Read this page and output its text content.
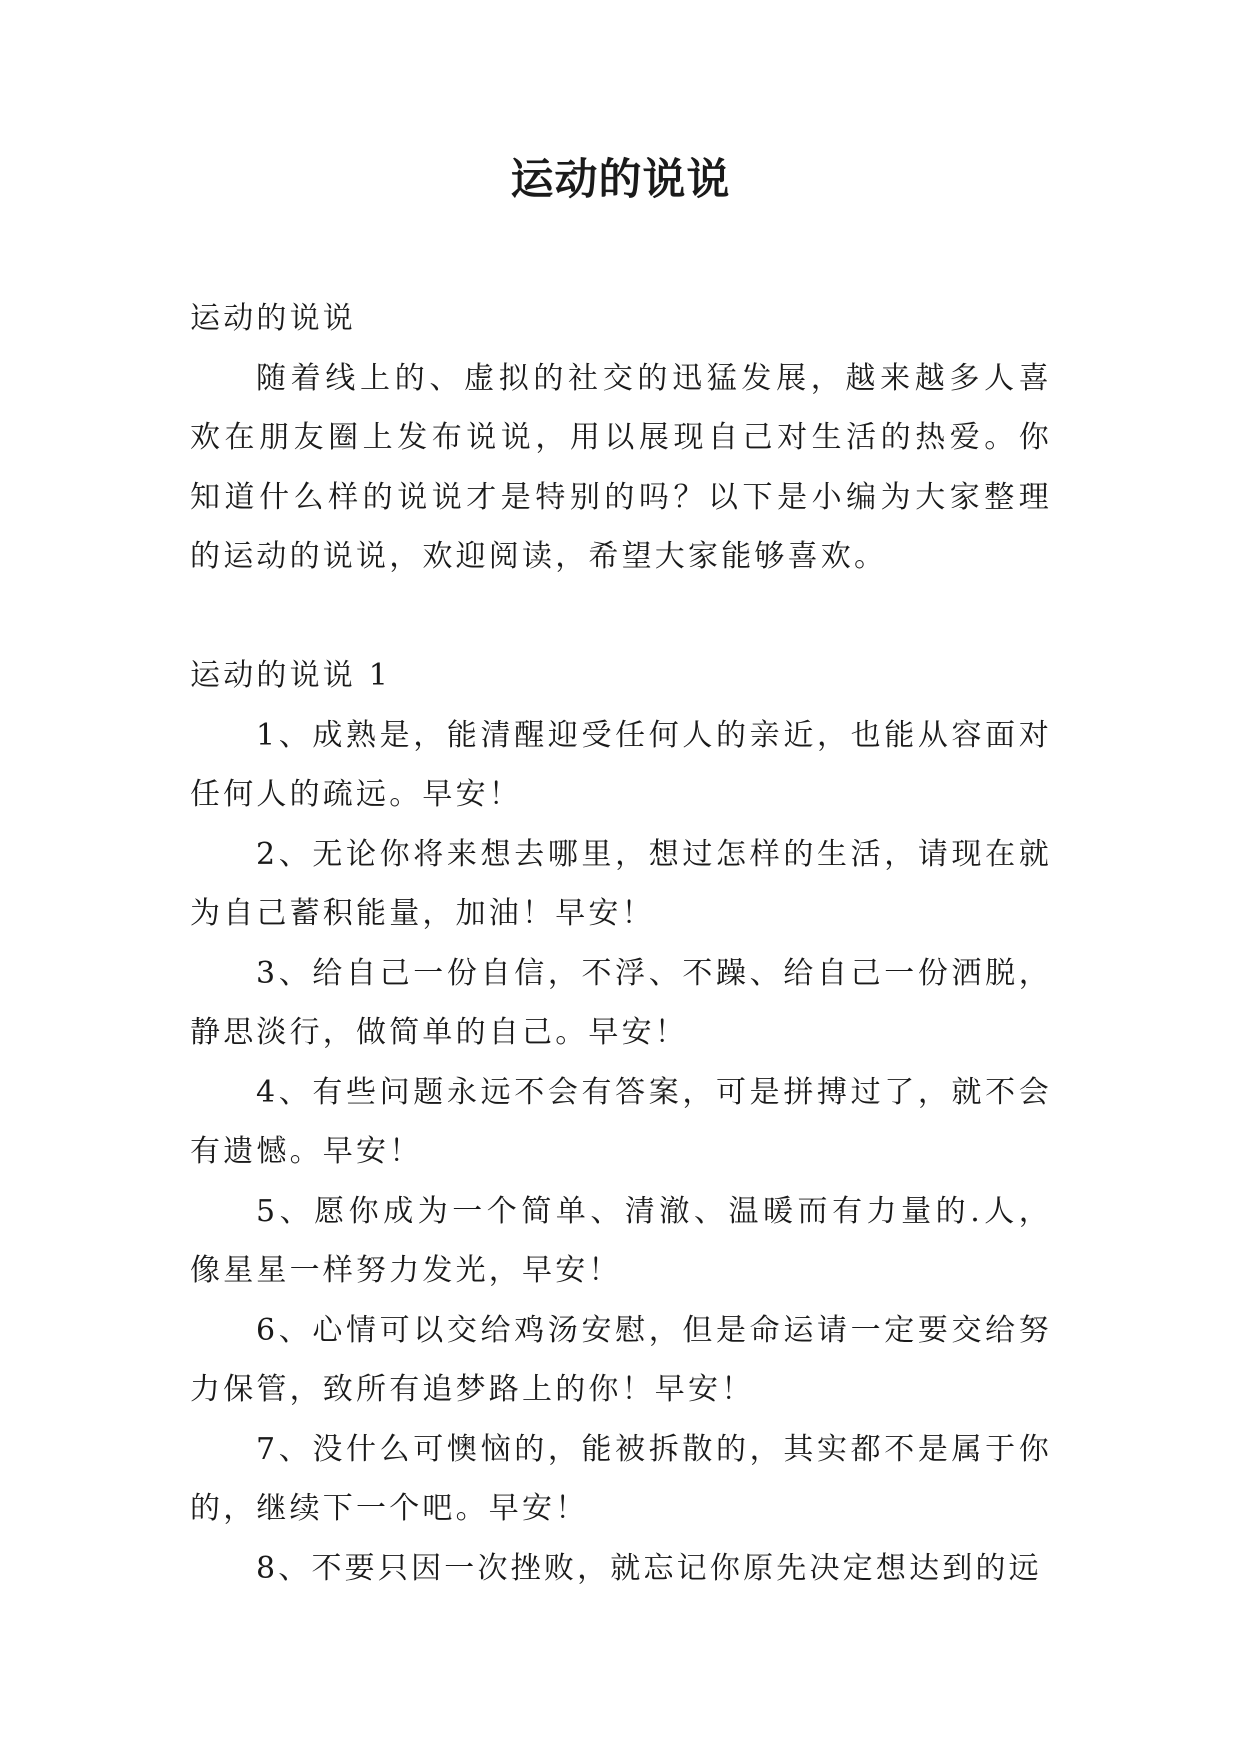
运动的说说

运动的说说

随着线上的、虚拟的社交的迅猛发展，越来越多人喜欢在朋友圈上发布说说，用以展现自己对生活的热爱。你知道什么样的说说才是特别的吗？以下是小编为大家整理的运动的说说，欢迎阅读，希望大家能够喜欢。

运动的说说 1

1、成熟是，能清醒迎受任何人的亲近，也能从容面对任何人的疏远。早安！

2、无论你将来想去哪里，想过怎样的生活，请现在就为自己蓄积能量，加油！早安！

3、给自己一份自信，不浮、不躁、给自己一份洒脱，静思淡行，做简单的自己。早安！

4、有些问题永远不会有答案，可是拼搏过了，就不会有遗憾。早安！

5、愿你成为一个简单、清澈、温暖而有力量的.人，像星星一样努力发光，早安！

6、心情可以交给鸡汤安慰，但是命运请一定要交给努力保管，致所有追梦路上的你！早安！

7、没什么可懊恼的，能被拆散的，其实都不是属于你的，继续下一个吧。早安！

8、不要只因一次挫败，就忘记你原先决定想达到的远
